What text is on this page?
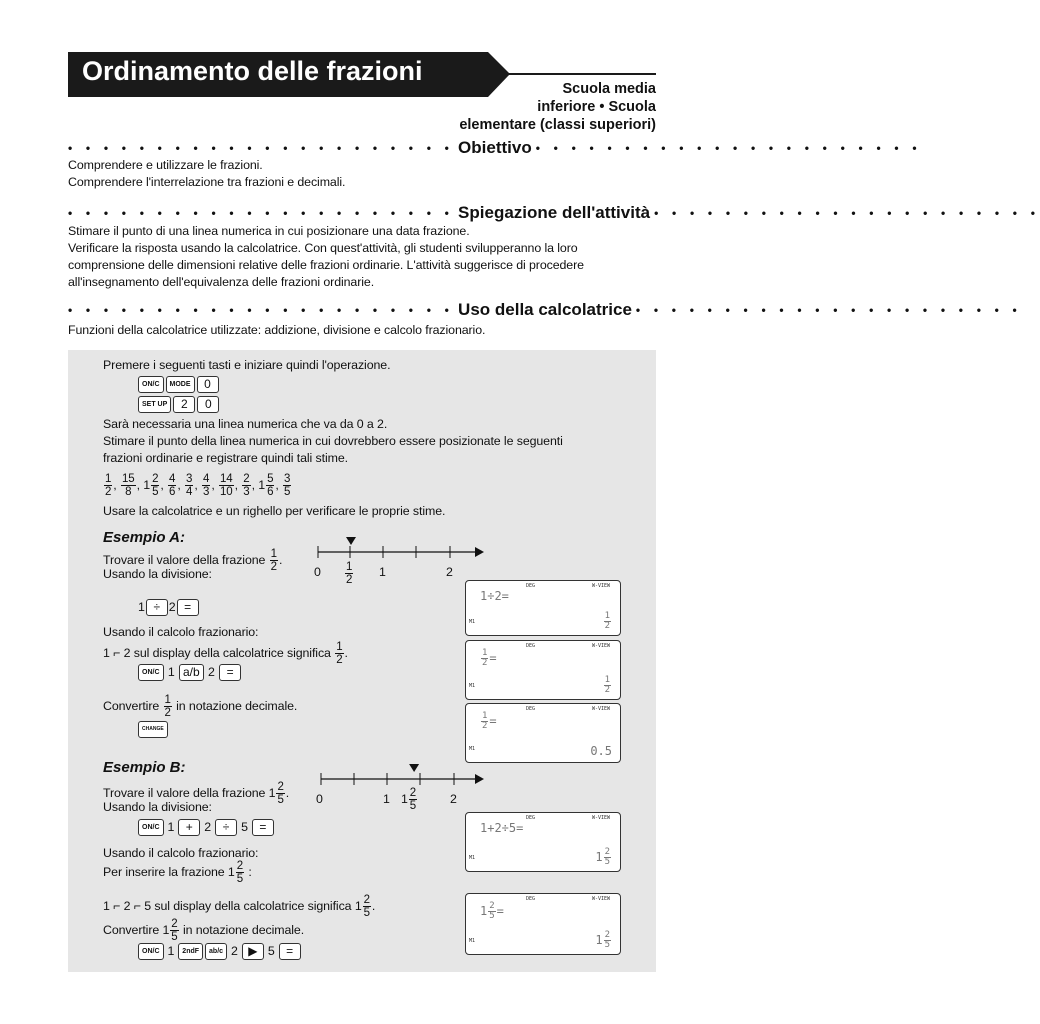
Ordinamento delle frazioni
Scuola media
inferiore • Scuola
elementare (classi superiori)
• • • • • • • • • • • • • • • • • • • • • • Obiettivo • • • • • • • • • • • • • • • • • • • • • •
Comprendere e utilizzare le frazioni.
Comprendere l'interrelazione tra frazioni e decimali.
• • • • • • • • • • • • • • • • • • • • • • Spiegazione dell'attività • • • • • • • • • • • • • • • • • • • • • •
Stimare il punto di una linea numerica in cui posizionare una data frazione.
Verificare la risposta usando la calcolatrice. Con quest'attività, gli studenti svilupperanno la loro
comprensione delle dimensioni relative delle frazioni ordinarie. L'attività suggerisce di procedere
all'insegnamento dell'equivalenza delle frazioni ordinarie.
• • • • • • • • • • • • • • • • • • • • • • Uso della calcolatrice • • • • • • • • • • • • • • • • • • • • • •
Funzioni della calcolatrice utilizzate: addizione, divisione e calcolo frazionario.
Premere i seguenti tasti e iniziare quindi l'operazione.
ON/C MODE 0
SET UP 2 0
Sarà necessaria una linea numerica che va da 0 a 2.
Stimare il punto della linea numerica in cui dovrebbero essere posizionate le seguenti
frazioni ordinarie e registrare quindi tali stime.
$\frac{1}{2}$ , $\frac{15}{8}$ , $1 \frac{2}{5}$ , $\frac{4}{6}$ , $\frac{3}{4}$ , $\frac{4}{3}$ , $\frac{14}{10}$ , $\frac{2}{3}$ , $1 \frac{5}{6}$ , $\frac{3}{5}$
Usare la calcolatrice e un righello per verificare le proprie stime.
Esempio A:
Trovare il valore della frazione $\frac{1}{2}$ .
Usando la divisione:
1 ÷ 2 =
Usando il calcolo frazionario:
1 ⌐ 2 sul display della calcolatrice significa $\frac{1}{2}$ .
ON/C 1 a/b 2 =
Convertire $\frac{1}{2}$ in notazione decimale.
CHANGE
$0 \frac{1}{2} 1$	2
DEG	W-VIEW
M1
1÷2=
$\frac{1}{2}$
DEG	W-VIEW
M1
$\frac{1}{2}$ =
$\frac{1}{2}$
DEG	W-VIEW
M1
$\frac{1}{2}$ =
0.5
Esempio B:
Trovare il valore della frazione $1 \frac{2}{5}$ .
Usando la divisione:
ON/C 1 + 2 ÷ 5 =
Usando il calcolo frazionario:
Per inserire la frazione $1 \frac{2}{5}$ :
1 ⌐ 2 ⌐ 5 sul display della calcolatrice significa $1 \frac{2}{5}$ .
Convertire $1 \frac{2}{5}$ in notazione decimale.
ON/C 1 2ndF ab/c 2 ▶ 5 =
0	1 $1 \frac{2}{5}$	2
DEG	W-VIEW
M1
1+2÷5=
$1 \frac{2}{5}$
DEG	W-VIEW
M1
$1 \frac{2}{5}$ =
$1 \frac{2}{5}$
